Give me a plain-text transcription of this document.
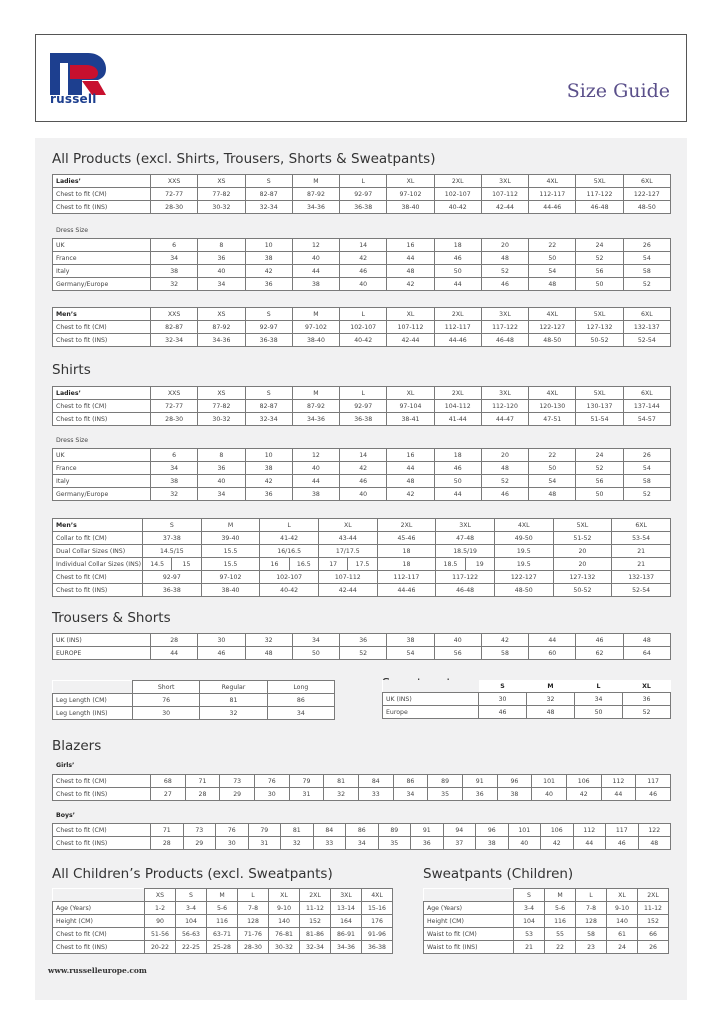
russell	Size Guide
All Products (excl. Shirts, Trousers, Shorts & Sweatpants)
Ladies’	XXS	XS	S	M	L	XL	2XL	3XL	4XL	5XL	6XL
Chest to fit (CM)	72-77	77-82	82-87	87-92	92-97	97-102	102-107	107-112	112-117	117-122	122-127
Chest to fit (INS)	28-30	30-32	32-34	34-36	36-38	38-40	40-42	42-44	44-46	46-48	48-50
Dress Size
UK	6	8	10	12	14	16	18	20	22	24	26
France	34	36	38	40	42	44	46	48	50	52	54
Italy	38	40	42	44	46	48	50	52	54	56	58
Germany/Europe	32	34	36	38	40	42	44	46	48	50	52
Men’s	XXS	XS	S	M	L	XL	2XL	3XL	4XL	5XL	6XL
Chest to fit (CM)	82-87	87-92	92-97	97-102	102-107	107-112	112-117	117-122	122-127	127-132	132-137
Chest to fit (INS)	32-34	34-36	36-38	38-40	40-42	42-44	44-46	46-48	48-50	50-52	52-54
Shirts
Ladies’	XXS	XS	S	M	L	XL	2XL	3XL	4XL	5XL	6XL
Chest to fit (CM)	72-77	77-82	82-87	87-92	92-97	97-104	104-112	112-120	120-130	130-137	137-144
Chest to fit (INS)	28-30	30-32	32-34	34-36	36-38	38-41	41-44	44-47	47-51	51-54	54-57
Dress Size
UK	6	8	10	12	14	16	18	20	22	24	26
France	34	36	38	40	42	44	46	48	50	52	54
Italy	38	40	42	44	46	48	50	52	54	56	58
Germany/Europe	32	34	36	38	40	42	44	46	48	50	52
Men’s	S		M	L		XL		2XL	3XL		4XL	5XL	6XL
Collar to fit (CM)	37-38		39-40	41-42		43-44		45-46	47-48		49-50	51-52	53-54
Dual Collar Sizes (INS)	14.5/15		15.5	16/16.5		17/17.5		18	18.5/19		19.5	20	21
Individual Collar Sizes (INS)	14.5	15	15.5	16	16.5	17	17.5	18	18.5	19	19.5	20	21
Chest to fit (CM)	92-97		97-102	102-107		107-112		112-117	117-122		122-127	127-132	132-137
Chest to fit (INS)	36-38		38-40	40-42		42-44		44-46	46-48		48-50	50-52	52-54
Trousers & Shorts
UK (INS)	28	30	32	34	36	38	40	42	44	46	48
EUROPE	44	46	48	50	52	54	56	58	60	62	64
	Short	Regular	Long
Leg Length (CM)	76	81	86
Leg Length (INS)	30	32	34
	S	M	L	XL
UK (INS)	30	32	34	36
Europe	46	48	50	52
Blazers
Girls’
Chest to fit (CM)	68	71	73	76	79	81	84	86	89	91	96	101	106	112	117
Chest to fit (INS)	27	28	29	30	31	32	33	34	35	36	38	40	42	44	46
Boys’
Chest to fit (CM)	71	73	76	79	81	84	86	89	91	94	96	101	106	112	117	122
Chest to fit (INS)	28	29	30	31	32	33	34	35	36	37	38	40	42	44	46	48
All Children’s Products (excl. Sweatpants)
	XS	S	M	L	XL	2XL	3XL	4XL
Age (Years)	1-2	3-4	5-6	7-8	9-10	11-12	13-14	15-16
Height (CM)	90	104	116	128	140	152	164	176
Chest to fit (CM)	51-56	56-63	63-71	71-76	76-81	81-86	86-91	91-96
Chest to fit (INS)	20-22	22-25	25-28	28-30	30-32	32-34	34-36	36-38
Sweatpants (Children)
	S	M	L	XL	2XL
Age (Years)	3-4	5-6	7-8	9-10	11-12
Height (CM)	104	116	128	140	152
Waist to fit (CM)	53	55	58	61	66
Waist to fit (INS)	21	22	23	24	26
www.russelleurope.com
